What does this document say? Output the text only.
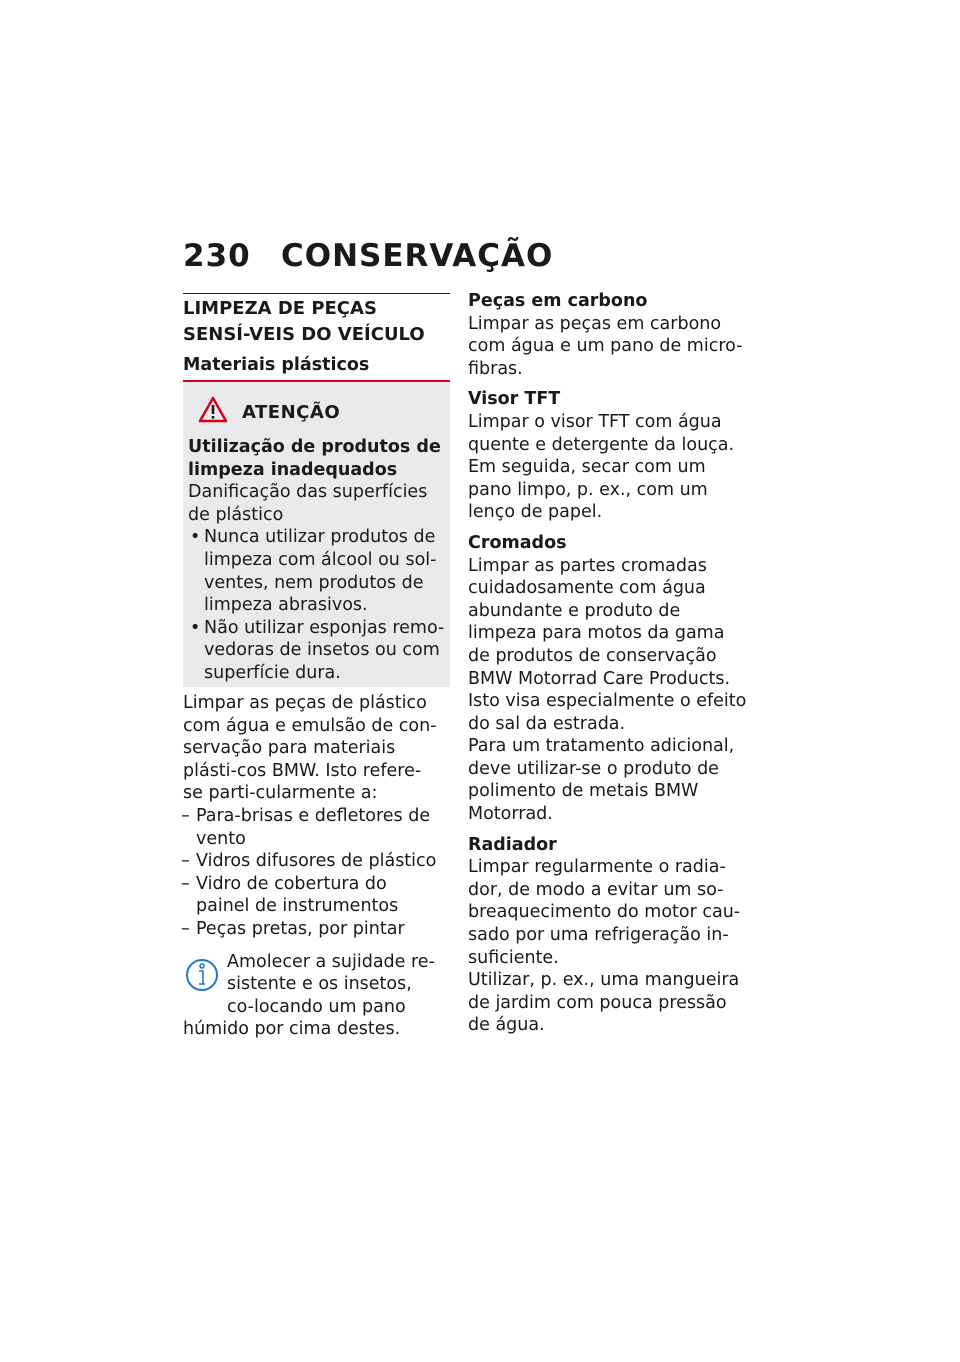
230 CONSERVAÇÃO
LIMPEZA DE PEÇAS SENSÍ-VEIS DO VEÍCULO
Materiais plásticos
ATENÇÃO
Utilização de produtos de limpeza inadequados
Danificação das superfícies de plástico
• Nunca utilizar produtos de limpeza com álcool ou sol-ventes, nem produtos de limpeza abrasivos.
• Não utilizar esponjas remo-vedoras de insetos ou com superfície dura.

Limpar as peças de plástico com água e emulsão de con-servação para materiais plásti-cos BMW. Isto refere-se parti-cularmente a:

– Para-brisas e defletores de vento
– Vidros difusores de plástico
– Vidro de cobertura do painel de instrumentos
– Peças pretas, por pintar
Amolecer a sujidade re-sistente e os insetos, co-locando um pano húmido por cima destes.
Peças em carbono
Limpar as peças em carbono com água e um pano de micro-fibras.
Visor TFT
Limpar o visor TFT com água quente e detergente da louça. Em seguida, secar com um pano limpo, p. ex., com um lenço de papel.
Cromados
Limpar as partes cromadas cuidadosamente com água abundante e produto de limpeza para motos da gama de produtos de conservação BMW Motorrad Care Products. Isto visa especialmente o efeito do sal da estrada.
Para um tratamento adicional, deve utilizar-se o produto de polimento de metais BMW Motorrad.
Radiador
Limpar regularmente o radia-dor, de modo a evitar um so-breaquecimento do motor cau-sado por uma refrigeração in-suficiente.
Utilizar, p. ex., uma mangueira de jardim com pouca pressão de água.
